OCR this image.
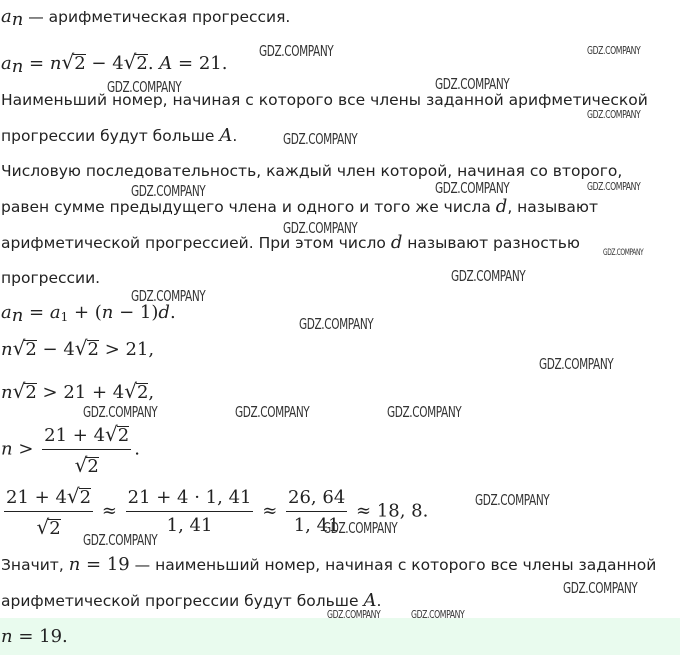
$a_n$ — арифметическая прогрессия.
$a_n = n√2 - 4√2$. A = 21.
Наименьший номер, начиная с которого все члены заданной арифметической
прогрессии будут больше A.
Числовую последовательность, каждый член которой, начиная со второго,
равен сумме предыдущего члена и одного и того же числа d, называют
арифметической прогрессией. При этом число d называют разностью
прогрессии.
$a_n = a_1 + (n - 1)d$.
n√2 − 4√2 > 21,
n√2 > 21 + 4√2,
$n > \frac{21 + 4√2}{√2}$ .
$\frac{21 + 4√2}{√2} \approx \frac{21 + 4 \cdot 1, 41}{1, 41} \approx \frac{26, 64}{1, 41} \approx 18$, 8.
Значит, n = 19 — наименьший номер, начиная с которого все члены заданной
арифметической прогрессии будут больше A.
n = 19.
GDZ.COMPANY	GDZ.COMPANY
GDZ.COMPANY	GDZ.COMPANY
GDZ.COMPANY
GDZ.COMPANY
GDZ.COMPANY	GDZ.COMPANY	GDZ.COMPANY
GDZ.COMPANY
GDZ.COMPANY
GDZ.COMPANY
GDZ.COMPANY
GDZ.COMPANY
GDZ.COMPANY
GDZ.COMPANY	GDZ.COMPANY	GDZ.COMPANY
GDZ.COMPANY
GDZ.COMPANY
GDZ.COMPANY
GDZ.COMPANY
GDZ.COMPANY	GDZ.COMPANY
